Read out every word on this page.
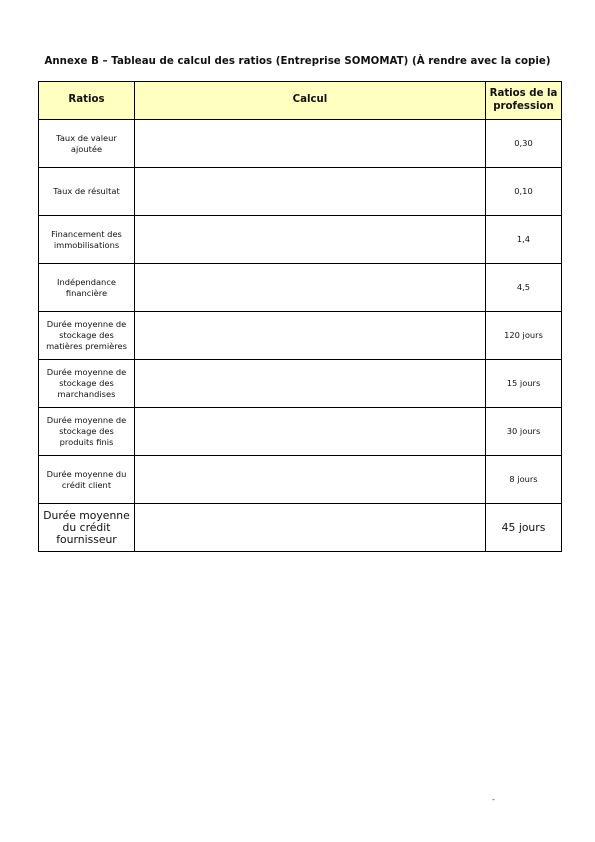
Annexe B – Tableau de calcul des ratios (Entreprise SOMOMAT) (À rendre avec la copie)
Ratios	Calcul	Ratios de la profession
Taux de valeur ajoutée		0,30
Taux de résultat		0,10
Financement des immobilisations		1,4
Indépendance financière		4,5
Durée moyenne de stockage des matières premières		120 jours
Durée moyenne de stockage des marchandises		15 jours
Durée moyenne de stockage des produits finis		30 jours
Durée moyenne du crédit client		8 jours
Durée moyenne du crédit fournisseur		45 jours
-
